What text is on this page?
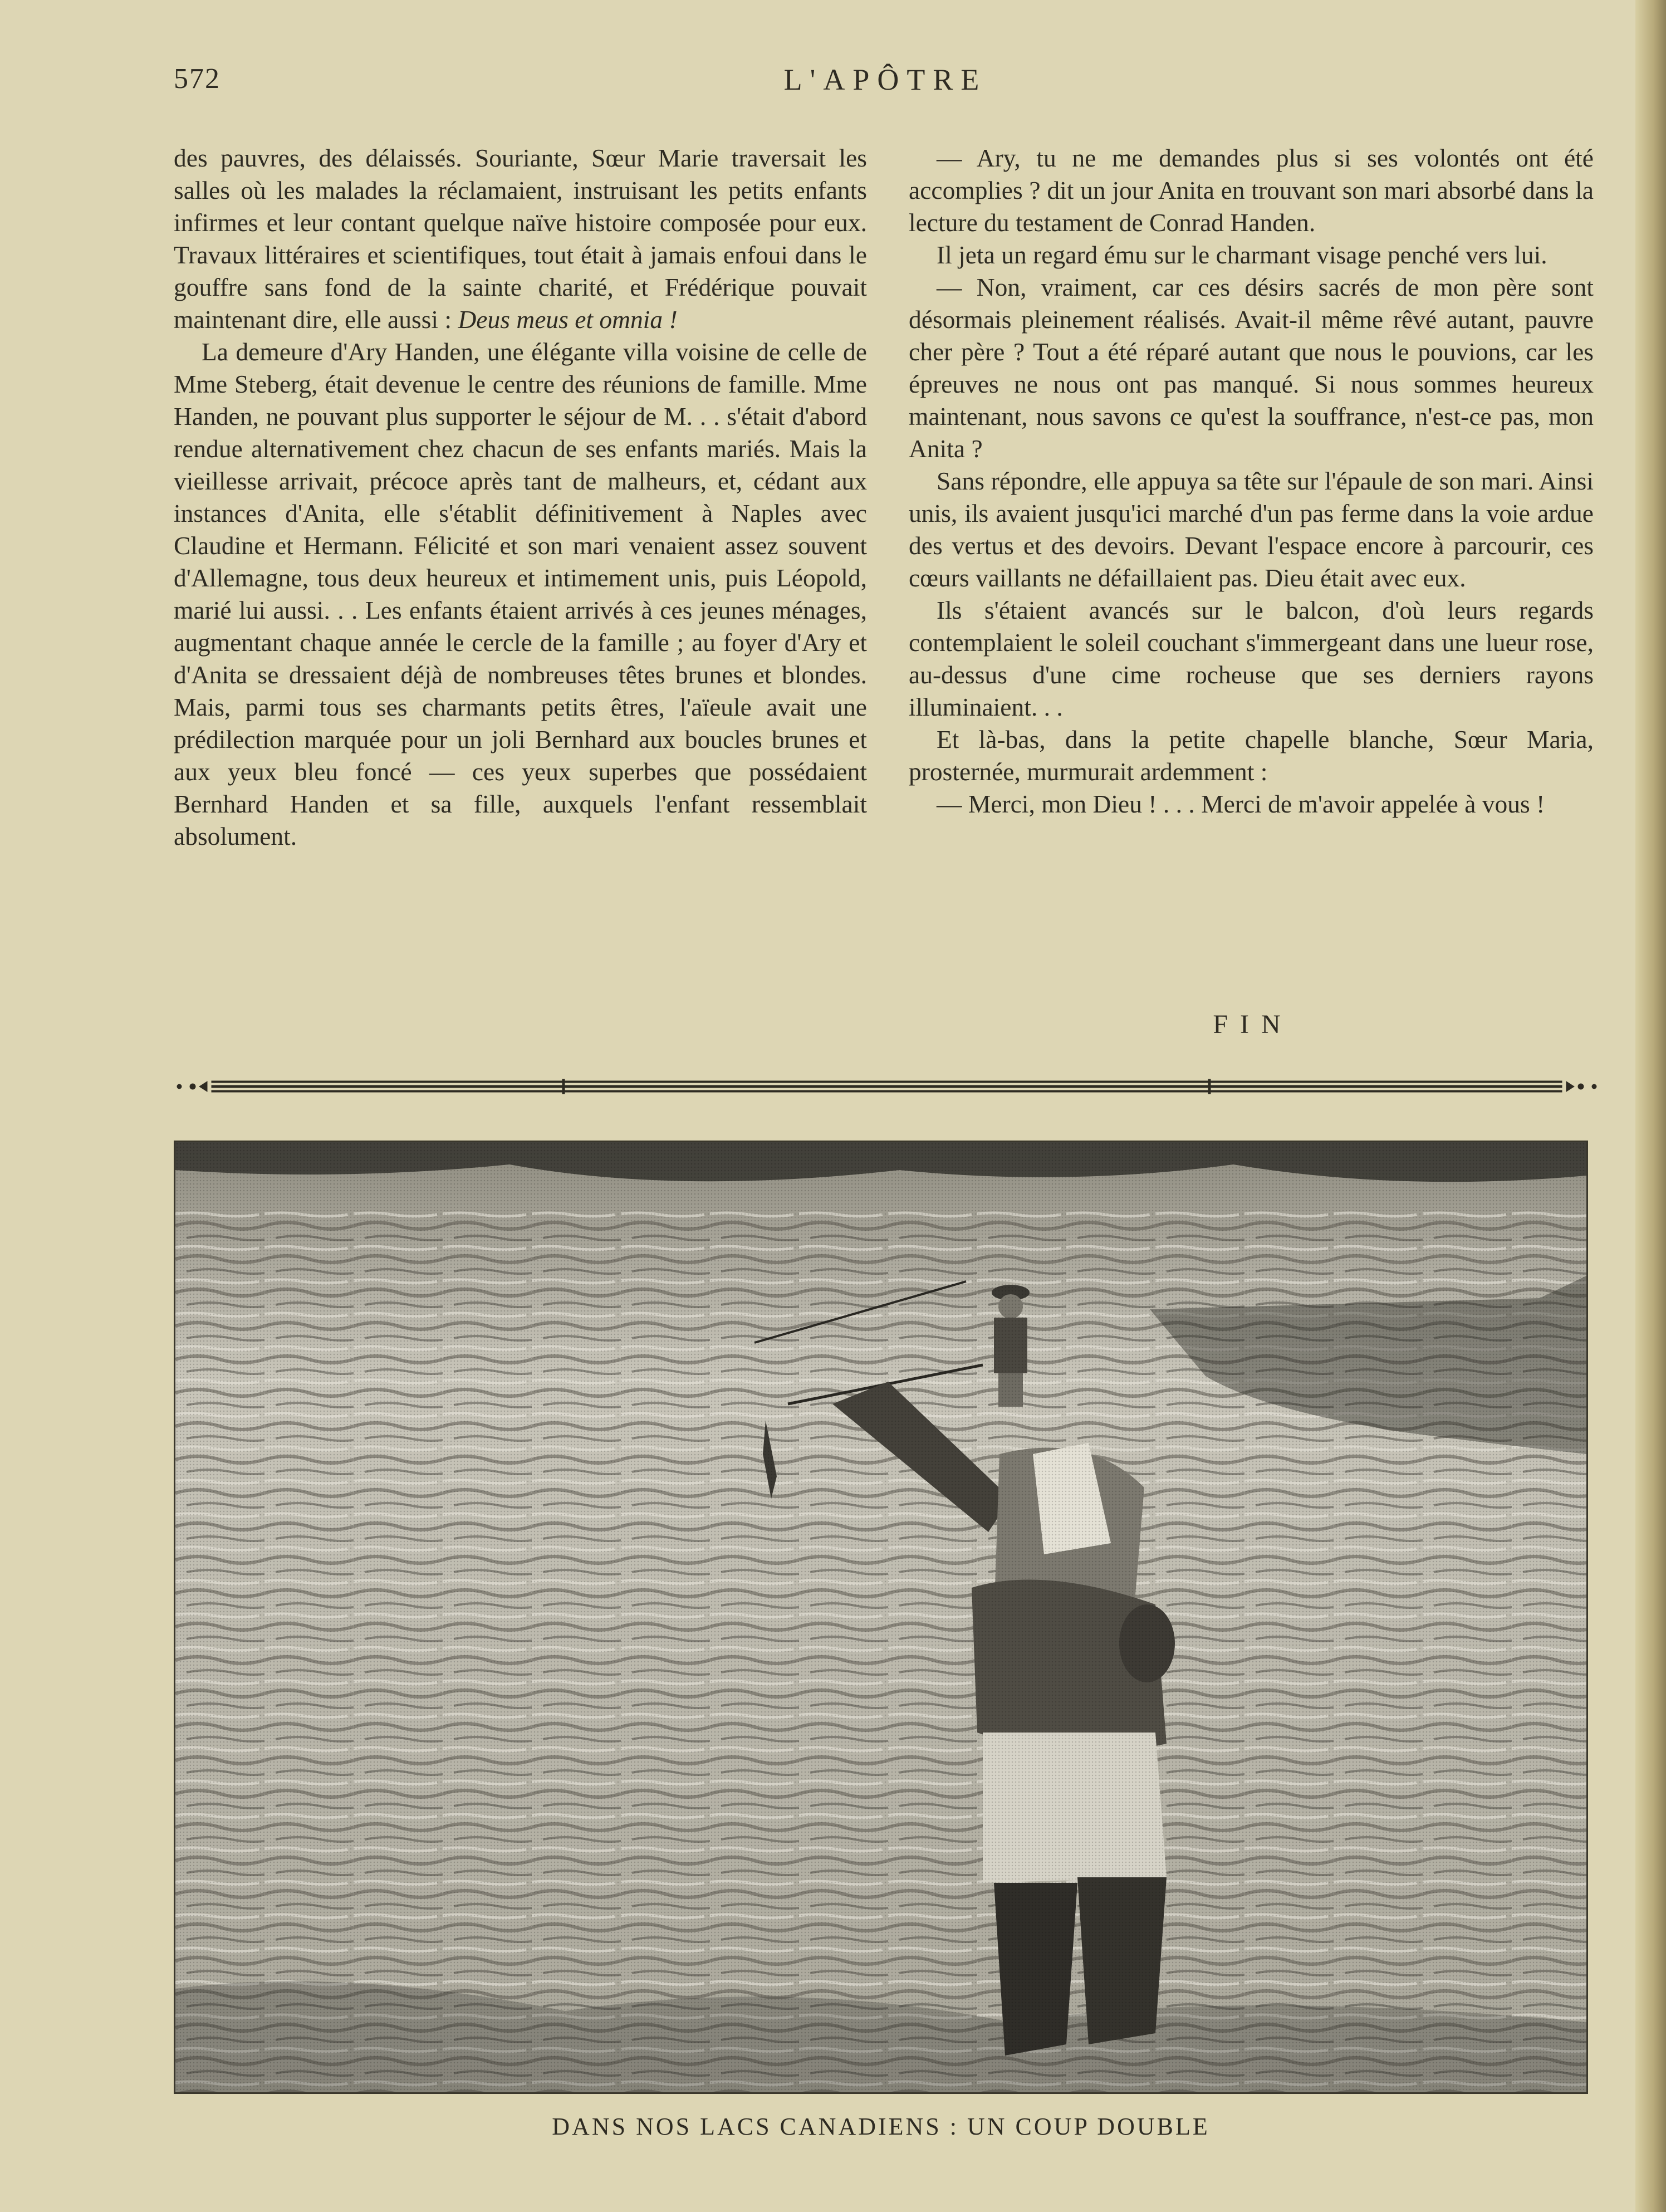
572	L'APÔTRE

des pauvres, des délaissés. Souriante, Sœur Marie traversait les salles où les malades la réclamaient, instruisant les petits enfants infirmes et leur contant quelque naïve histoire composée pour eux. Travaux littéraires et scientifiques, tout était à jamais enfoui dans le gouffre sans fond de la sainte charité, et Frédérique pouvait maintenant dire, elle aussi : Deus meus et omnia !

La demeure d'Ary Handen, une élégante villa voisine de celle de Mme Steberg, était devenue le centre des réunions de famille. Mme Handen, ne pouvant plus supporter le séjour de M. . . s'était d'abord rendue alternativement chez chacun de ses enfants mariés. Mais la vieillesse arrivait, précoce après tant de malheurs, et, cédant aux instances d'Anita, elle s'établit définitivement à Naples avec Claudine et Hermann. Félicité et son mari venaient assez souvent d'Allemagne, tous deux heureux et intimement unis, puis Léopold, marié lui aussi. . . Les enfants étaient arrivés à ces jeunes ménages, augmentant chaque année le cercle de la famille ; au foyer d'Ary et d'Anita se dressaient déjà de nombreuses têtes brunes et blondes. Mais, parmi tous ses charmants petits êtres, l'aïeule avait une prédilection marquée pour un joli Bernhard aux boucles brunes et aux yeux bleu foncé — ces yeux superbes que possédaient Bernhard Handen et sa fille, auxquels l'enfant ressemblait absolument.

— Ary, tu ne me demandes plus si ses volontés ont été accomplies ? dit un jour Anita en trouvant son mari absorbé dans la lecture du testament de Conrad Handen.

Il jeta un regard ému sur le charmant visage penché vers lui.

— Non, vraiment, car ces désirs sacrés de mon père sont désormais pleinement réalisés. Avait-il même rêvé autant, pauvre cher père ? Tout a été réparé autant que nous le pouvions, car les épreuves ne nous ont pas manqué. Si nous sommes heureux maintenant, nous savons ce qu'est la souffrance, n'est-ce pas, mon Anita ?

Sans répondre, elle appuya sa tête sur l'épaule de son mari. Ainsi unis, ils avaient jusqu'ici marché d'un pas ferme dans la voie ardue des vertus et des devoirs. Devant l'espace encore à parcourir, ces cœurs vaillants ne défaillaient pas. Dieu était avec eux.

Ils s'étaient avancés sur le balcon, d'où leurs regards contemplaient le soleil couchant s'immergeant dans une lueur rose, au-dessus d'une cime rocheuse que ses derniers rayons illuminaient. . .

Et là-bas, dans la petite chapelle blanche, Sœur Maria, prosternée, murmurait ardemment :

— Merci, mon Dieu ! . . . Merci de m'avoir appelée à vous !

FIN
DANS NOS LACS CANADIENS : UN COUP DOUBLE
